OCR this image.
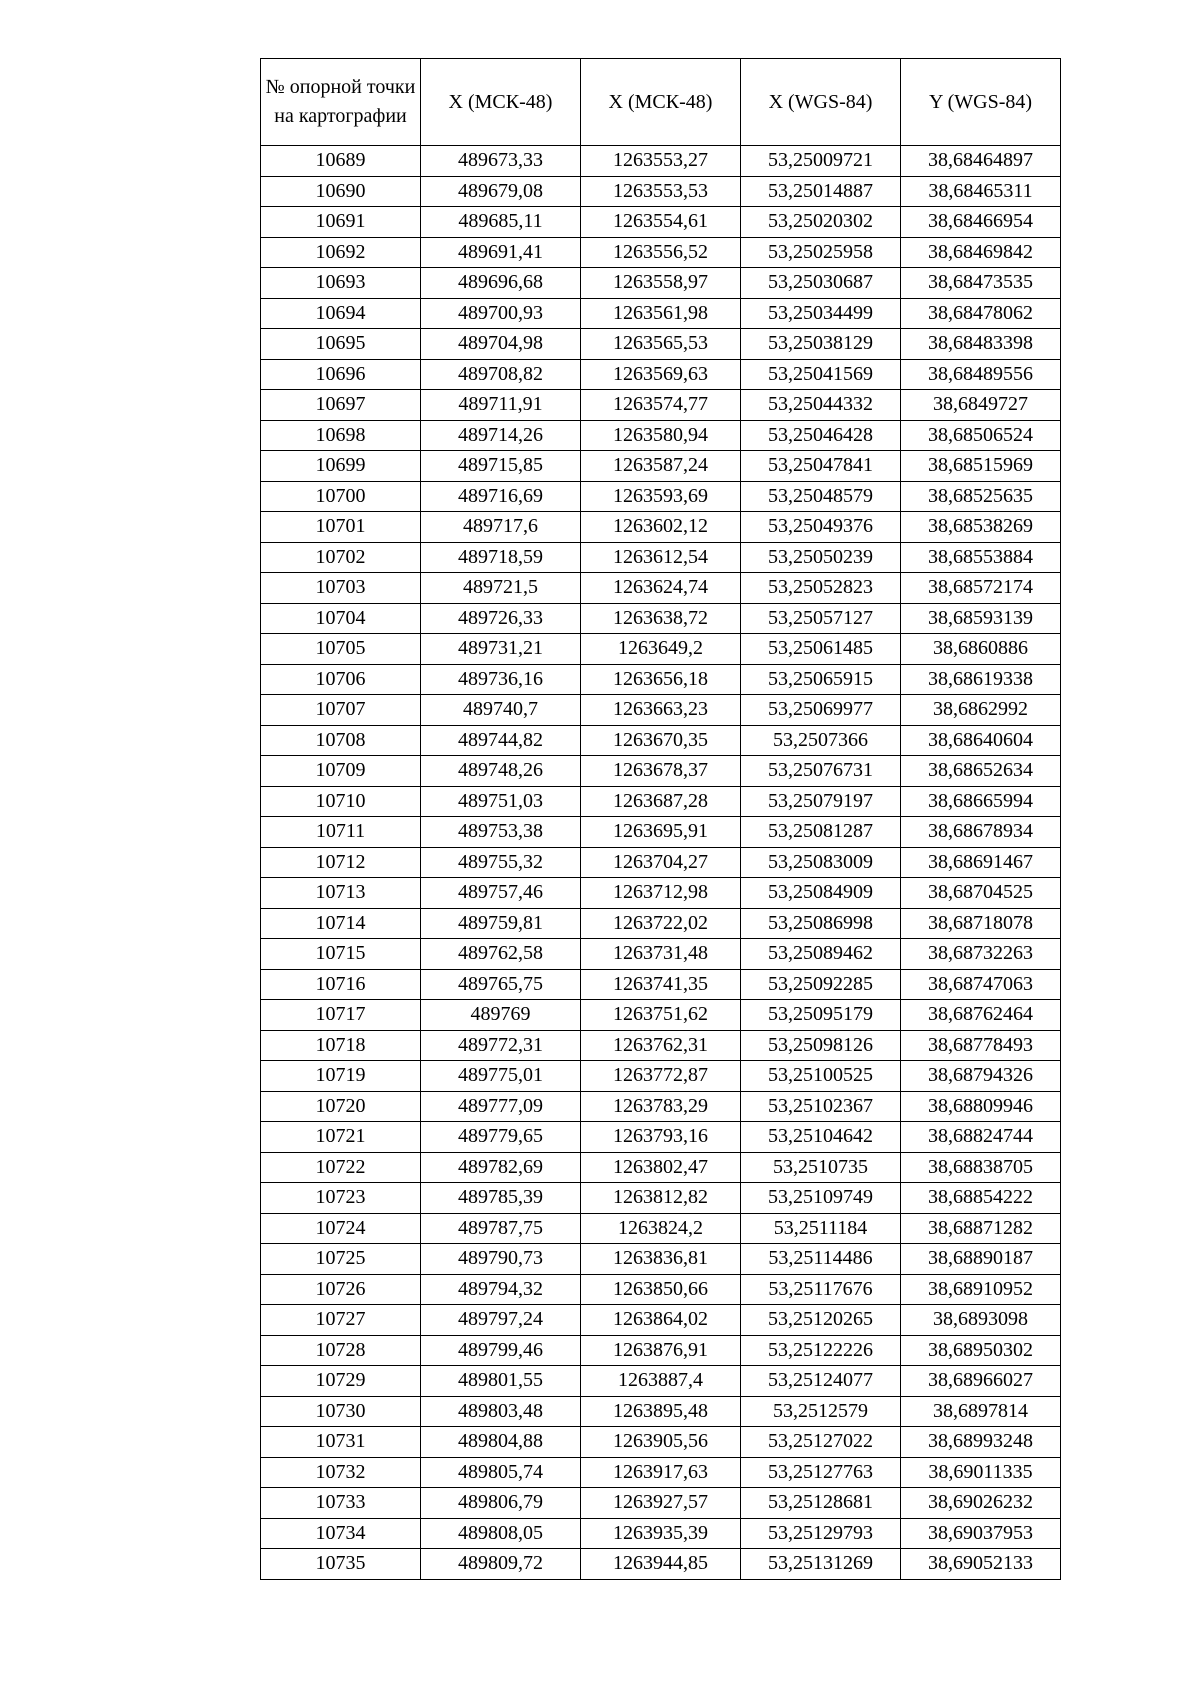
№ опорной точки на картографии	X (МСК-48)	X (МСК-48)	X (WGS-84)	Y (WGS-84)
10689	489673,33	1263553,27	53,25009721	38,68464897
10690	489679,08	1263553,53	53,25014887	38,68465311
10691	489685,11	1263554,61	53,25020302	38,68466954
10692	489691,41	1263556,52	53,25025958	38,68469842
10693	489696,68	1263558,97	53,25030687	38,68473535
10694	489700,93	1263561,98	53,25034499	38,68478062
10695	489704,98	1263565,53	53,25038129	38,68483398
10696	489708,82	1263569,63	53,25041569	38,68489556
10697	489711,91	1263574,77	53,25044332	38,6849727
10698	489714,26	1263580,94	53,25046428	38,68506524
10699	489715,85	1263587,24	53,25047841	38,68515969
10700	489716,69	1263593,69	53,25048579	38,68525635
10701	489717,6	1263602,12	53,25049376	38,68538269
10702	489718,59	1263612,54	53,25050239	38,68553884
10703	489721,5	1263624,74	53,25052823	38,68572174
10704	489726,33	1263638,72	53,25057127	38,68593139
10705	489731,21	1263649,2	53,25061485	38,6860886
10706	489736,16	1263656,18	53,25065915	38,68619338
10707	489740,7	1263663,23	53,25069977	38,6862992
10708	489744,82	1263670,35	53,2507366	38,68640604
10709	489748,26	1263678,37	53,25076731	38,68652634
10710	489751,03	1263687,28	53,25079197	38,68665994
10711	489753,38	1263695,91	53,25081287	38,68678934
10712	489755,32	1263704,27	53,25083009	38,68691467
10713	489757,46	1263712,98	53,25084909	38,68704525
10714	489759,81	1263722,02	53,25086998	38,68718078
10715	489762,58	1263731,48	53,25089462	38,68732263
10716	489765,75	1263741,35	53,25092285	38,68747063
10717	489769	1263751,62	53,25095179	38,68762464
10718	489772,31	1263762,31	53,25098126	38,68778493
10719	489775,01	1263772,87	53,25100525	38,68794326
10720	489777,09	1263783,29	53,25102367	38,68809946
10721	489779,65	1263793,16	53,25104642	38,68824744
10722	489782,69	1263802,47	53,2510735	38,68838705
10723	489785,39	1263812,82	53,25109749	38,68854222
10724	489787,75	1263824,2	53,2511184	38,68871282
10725	489790,73	1263836,81	53,25114486	38,68890187
10726	489794,32	1263850,66	53,25117676	38,68910952
10727	489797,24	1263864,02	53,25120265	38,6893098
10728	489799,46	1263876,91	53,25122226	38,68950302
10729	489801,55	1263887,4	53,25124077	38,68966027
10730	489803,48	1263895,48	53,2512579	38,6897814
10731	489804,88	1263905,56	53,25127022	38,68993248
10732	489805,74	1263917,63	53,25127763	38,69011335
10733	489806,79	1263927,57	53,25128681	38,69026232
10734	489808,05	1263935,39	53,25129793	38,69037953
10735	489809,72	1263944,85	53,25131269	38,69052133
